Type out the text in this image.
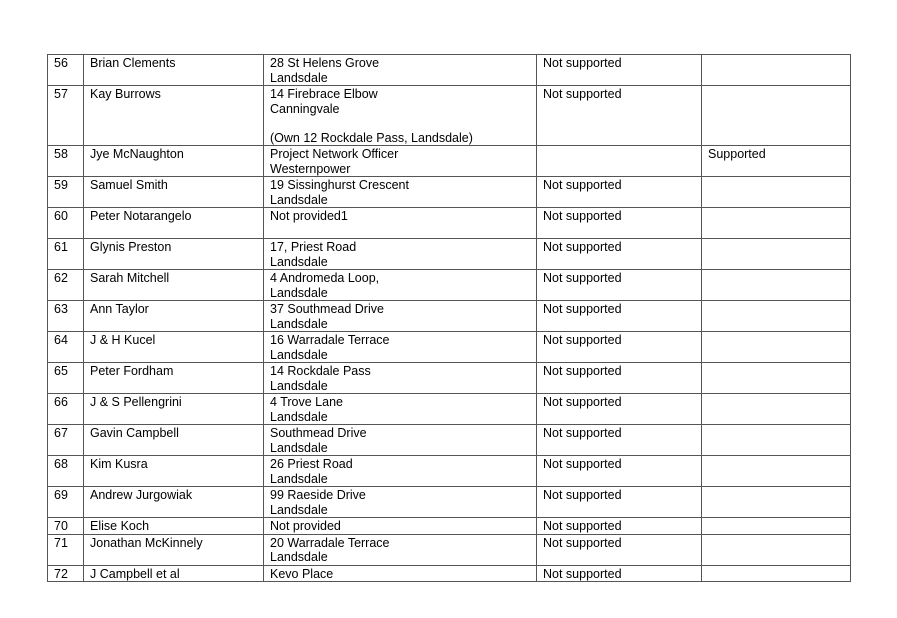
56	Brian Clements	28 St Helens Grove
Landsdale	Not supported	
57	Kay Burrows	14 Firebrace Elbow
Canningvale

(Own 12 Rockdale Pass, Landsdale)	Not supported	
58	Jye McNaughton	Project Network Officer
Westernpower		Supported
59	Samuel Smith	19 Sissinghurst Crescent
Landsdale	Not supported	
60	Peter Notarangelo	Not provided1	Not supported	
61	Glynis Preston	17, Priest Road
Landsdale	Not supported	
62	Sarah Mitchell	4 Andromeda Loop,
Landsdale	Not supported	
63	Ann Taylor	37 Southmead Drive
Landsdale	Not supported	
64	J & H Kucel	16 Warradale Terrace
Landsdale	Not supported	
65	Peter Fordham	14 Rockdale Pass
Landsdale	Not supported	
66	J & S Pellengrini	4 Trove Lane
Landsdale	Not supported	
67	Gavin Campbell	Southmead Drive
Landsdale	Not supported	
68	Kim Kusra	26 Priest Road
Landsdale	Not supported	
69	Andrew Jurgowiak	99 Raeside Drive
Landsdale	Not supported	
70	Elise Koch	Not provided	Not supported	
71	Jonathan McKinnely	20 Warradale Terrace
Landsdale	Not supported	
72	J Campbell et al	Kevo Place	Not supported	
